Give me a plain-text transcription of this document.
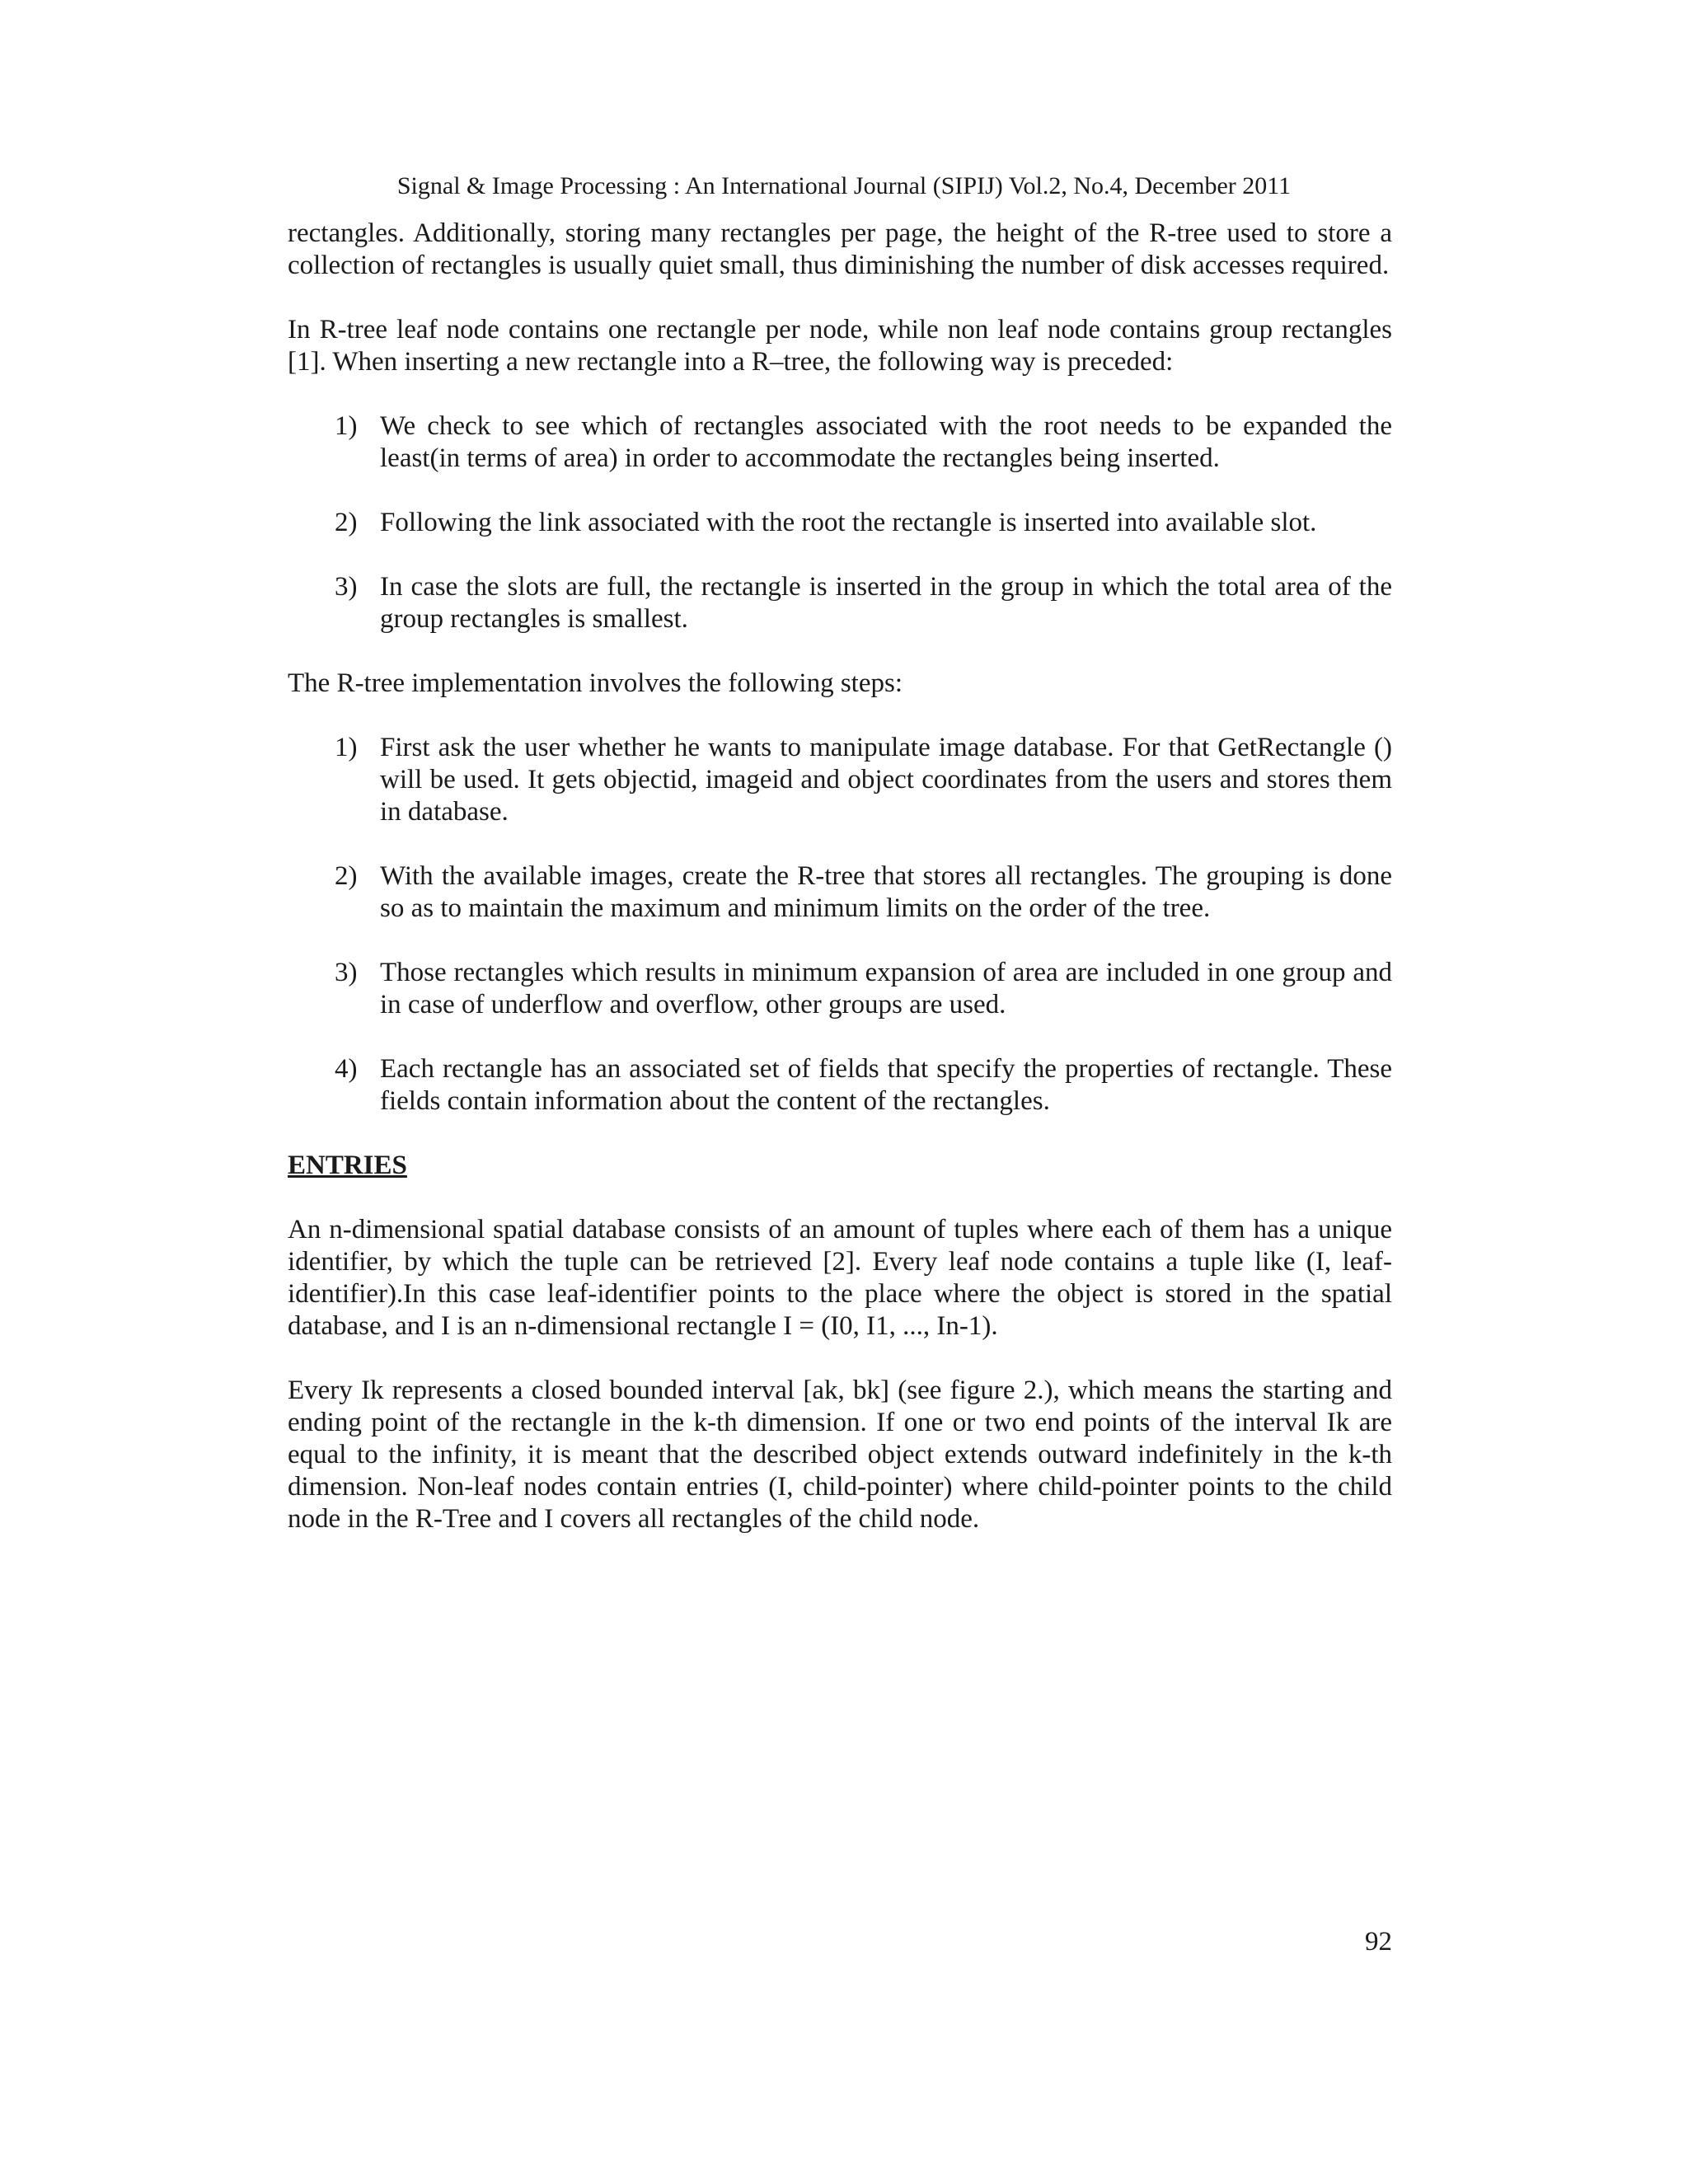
Signal & Image Processing : An International Journal (SIPIJ) Vol.2, No.4, December 2011

rectangles. Additionally, storing many rectangles per page, the height of the R-tree used to store a collection of rectangles is usually quiet small, thus diminishing the number of disk accesses required.

In R-tree leaf node contains one rectangle per node, while non leaf node contains group rectangles [1]. When inserting a new rectangle into a R–tree, the following way is preceded:

1) We check to see which of rectangles associated with the root needs to be expanded the least(in terms of area) in order to accommodate the rectangles being inserted.
2) Following the link associated with the root the rectangle is inserted into available slot.
3) In case the slots are full, the rectangle is inserted in the group in which the total area of the group rectangles is smallest.

The R-tree implementation involves the following steps:

1) First ask the user whether he wants to manipulate image database. For that GetRectangle () will be used. It gets objectid, imageid and object coordinates from the users and stores them in database.
2) With the available images, create the R-tree that stores all rectangles. The grouping is done so as to maintain the maximum and minimum limits on the order of the tree.
3) Those rectangles which results in minimum expansion of area are included in one group and in case of underflow and overflow, other groups are used.
4) Each rectangle has an associated set of fields that specify the properties of rectangle. These fields contain information about the content of the rectangles.
ENTRIES

An n-dimensional spatial database consists of an amount of tuples where each of them has a unique identifier, by which the tuple can be retrieved [2]. Every leaf node contains a tuple like (I, leaf-identifier).In this case leaf-identifier points to the place where the object is stored in the spatial database, and I is an n-dimensional rectangle I = (I0, I1, ..., In-1).

Every Ik represents a closed bounded interval [ak, bk] (see figure 2.), which means the starting and ending point of the rectangle in the k-th dimension. If one or two end points of the interval Ik are equal to the infinity, it is meant that the described object extends outward indefinitely in the k-th dimension. Non-leaf nodes contain entries (I, child-pointer) where child-pointer points to the child node in the R-Tree and I covers all rectangles of the child node.

92
